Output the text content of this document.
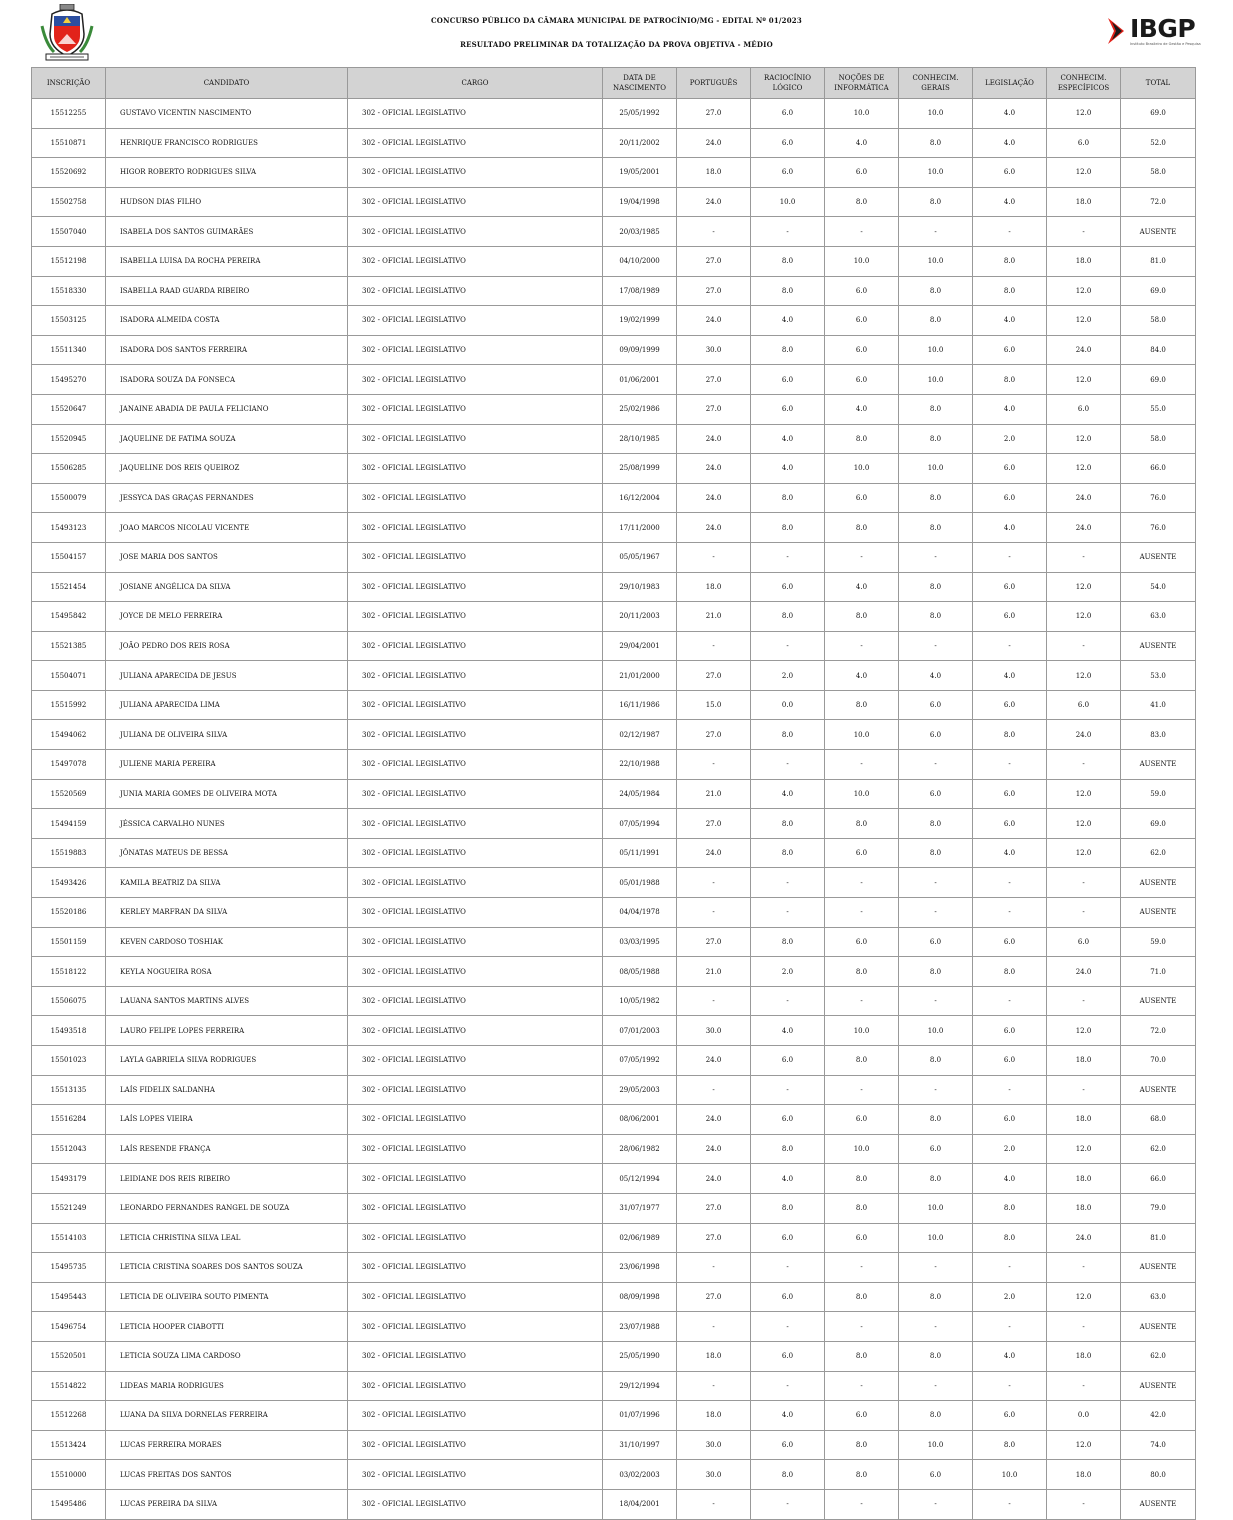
IBGP
Instituto Brasileiro de Gestão e Pesquisa
CONCURSO PÚBLICO DA CÂMARA MUNICIPAL DE PATROCÍNIO/MG - EDITAL Nº 01/2023
RESULTADO PRELIMINAR DA TOTALIZAÇÃO DA PROVA OBJETIVA - MÉDIO
INSCRIÇÃO	CANDIDATO	CARGO	DATA DE NASCIMENTO	PORTUGUÊS	RACIOCÍNIO LÓGICO	NOÇÕES DE INFORMÁTICA	CONHECIM. GERAIS	LEGISLAÇÃO	CONHECIM. ESPECÍFICOS	TOTAL
15512255	GUSTAVO VICENTIN NASCIMENTO	302 - OFICIAL LEGISLATIVO	25/05/1992	27.0	6.0	10.0	10.0	4.0	12.0	69.0
15510871	HENRIQUE FRANCISCO RODRIGUES	302 - OFICIAL LEGISLATIVO	20/11/2002	24.0	6.0	4.0	8.0	4.0	6.0	52.0
15520692	HIGOR ROBERTO RODRIGUES SILVA	302 - OFICIAL LEGISLATIVO	19/05/2001	18.0	6.0	6.0	10.0	6.0	12.0	58.0
15502758	HUDSON DIAS FILHO	302 - OFICIAL LEGISLATIVO	19/04/1998	24.0	10.0	8.0	8.0	4.0	18.0	72.0
15507040	ISABELA DOS SANTOS GUIMARÃES	302 - OFICIAL LEGISLATIVO	20/03/1985	-	-	-	-	-	-	AUSENTE
15512198	ISABELLA LUISA DA ROCHA PEREIRA	302 - OFICIAL LEGISLATIVO	04/10/2000	27.0	8.0	10.0	10.0	8.0	18.0	81.0
15518330	ISABELLA RAAD GUARDA RIBEIRO	302 - OFICIAL LEGISLATIVO	17/08/1989	27.0	8.0	6.0	8.0	8.0	12.0	69.0
15503125	ISADORA ALMEIDA COSTA	302 - OFICIAL LEGISLATIVO	19/02/1999	24.0	4.0	6.0	8.0	4.0	12.0	58.0
15511340	ISADORA DOS SANTOS FERREIRA	302 - OFICIAL LEGISLATIVO	09/09/1999	30.0	8.0	6.0	10.0	6.0	24.0	84.0
15495270	ISADORA SOUZA DA FONSECA	302 - OFICIAL LEGISLATIVO	01/06/2001	27.0	6.0	6.0	10.0	8.0	12.0	69.0
15520647	JANAINE ABADIA DE PAULA FELICIANO	302 - OFICIAL LEGISLATIVO	25/02/1986	27.0	6.0	4.0	8.0	4.0	6.0	55.0
15520945	JAQUELINE DE FATIMA SOUZA	302 - OFICIAL LEGISLATIVO	28/10/1985	24.0	4.0	8.0	8.0	2.0	12.0	58.0
15506285	JAQUELINE DOS REIS QUEIROZ	302 - OFICIAL LEGISLATIVO	25/08/1999	24.0	4.0	10.0	10.0	6.0	12.0	66.0
15500079	JESSYCA DAS GRAÇAS FERNANDES	302 - OFICIAL LEGISLATIVO	16/12/2004	24.0	8.0	6.0	8.0	6.0	24.0	76.0
15493123	JOAO MARCOS NICOLAU VICENTE	302 - OFICIAL LEGISLATIVO	17/11/2000	24.0	8.0	8.0	8.0	4.0	24.0	76.0
15504157	JOSE MARIA DOS SANTOS	302 - OFICIAL LEGISLATIVO	05/05/1967	-	-	-	-	-	-	AUSENTE
15521454	JOSIANE ANGÉLICA DA SILVA	302 - OFICIAL LEGISLATIVO	29/10/1983	18.0	6.0	4.0	8.0	6.0	12.0	54.0
15495842	JOYCE DE MELO FERREIRA	302 - OFICIAL LEGISLATIVO	20/11/2003	21.0	8.0	8.0	8.0	6.0	12.0	63.0
15521385	JOÃO PEDRO DOS REIS ROSA	302 - OFICIAL LEGISLATIVO	29/04/2001	-	-	-	-	-	-	AUSENTE
15504071	JULIANA APARECIDA DE JESUS	302 - OFICIAL LEGISLATIVO	21/01/2000	27.0	2.0	4.0	4.0	4.0	12.0	53.0
15515992	JULIANA APARECIDA LIMA	302 - OFICIAL LEGISLATIVO	16/11/1986	15.0	0.0	8.0	6.0	6.0	6.0	41.0
15494062	JULIANA DE OLIVEIRA SILVA	302 - OFICIAL LEGISLATIVO	02/12/1987	27.0	8.0	10.0	6.0	8.0	24.0	83.0
15497078	JULIENE MARIA PEREIRA	302 - OFICIAL LEGISLATIVO	22/10/1988	-	-	-	-	-	-	AUSENTE
15520569	JUNIA MARIA GOMES DE OLIVEIRA MOTA	302 - OFICIAL LEGISLATIVO	24/05/1984	21.0	4.0	10.0	6.0	6.0	12.0	59.0
15494159	JÉSSICA CARVALHO NUNES	302 - OFICIAL LEGISLATIVO	07/05/1994	27.0	8.0	8.0	8.0	6.0	12.0	69.0
15519883	JÔNATAS MATEUS DE BESSA	302 - OFICIAL LEGISLATIVO	05/11/1991	24.0	8.0	6.0	8.0	4.0	12.0	62.0
15493426	KAMILA BEATRIZ DA SILVA	302 - OFICIAL LEGISLATIVO	05/01/1988	-	-	-	-	-	-	AUSENTE
15520186	KERLEY MARFRAN DA SILVA	302 - OFICIAL LEGISLATIVO	04/04/1978	-	-	-	-	-	-	AUSENTE
15501159	KEVEN CARDOSO TOSHIAK	302 - OFICIAL LEGISLATIVO	03/03/1995	27.0	8.0	6.0	6.0	6.0	6.0	59.0
15518122	KEYLA NOGUEIRA ROSA	302 - OFICIAL LEGISLATIVO	08/05/1988	21.0	2.0	8.0	8.0	8.0	24.0	71.0
15506075	LAUANA SANTOS MARTINS ALVES	302 - OFICIAL LEGISLATIVO	10/05/1982	-	-	-	-	-	-	AUSENTE
15493518	LAURO FELIPE LOPES FERREIRA	302 - OFICIAL LEGISLATIVO	07/01/2003	30.0	4.0	10.0	10.0	6.0	12.0	72.0
15501023	LAYLA GABRIELA SILVA RODRIGUES	302 - OFICIAL LEGISLATIVO	07/05/1992	24.0	6.0	8.0	8.0	6.0	18.0	70.0
15513135	LAÍS FIDELIX SALDANHA	302 - OFICIAL LEGISLATIVO	29/05/2003	-	-	-	-	-	-	AUSENTE
15516284	LAÍS LOPES VIEIRA	302 - OFICIAL LEGISLATIVO	08/06/2001	24.0	6.0	6.0	8.0	6.0	18.0	68.0
15512043	LAÍS RESENDE FRANÇA	302 - OFICIAL LEGISLATIVO	28/06/1982	24.0	8.0	10.0	6.0	2.0	12.0	62.0
15493179	LEIDIANE DOS REIS RIBEIRO	302 - OFICIAL LEGISLATIVO	05/12/1994	24.0	4.0	8.0	8.0	4.0	18.0	66.0
15521249	LEONARDO FERNANDES RANGEL DE SOUZA	302 - OFICIAL LEGISLATIVO	31/07/1977	27.0	8.0	8.0	10.0	8.0	18.0	79.0
15514103	LETICIA CHRISTINA SILVA LEAL	302 - OFICIAL LEGISLATIVO	02/06/1989	27.0	6.0	6.0	10.0	8.0	24.0	81.0
15495735	LETICIA CRISTINA SOARES DOS SANTOS SOUZA	302 - OFICIAL LEGISLATIVO	23/06/1998	-	-	-	-	-	-	AUSENTE
15495443	LETICIA DE OLIVEIRA SOUTO PIMENTA	302 - OFICIAL LEGISLATIVO	08/09/1998	27.0	6.0	8.0	8.0	2.0	12.0	63.0
15496754	LETICIA HOOPER CIABOTTI	302 - OFICIAL LEGISLATIVO	23/07/1988	-	-	-	-	-	-	AUSENTE
15520501	LETICIA SOUZA LIMA CARDOSO	302 - OFICIAL LEGISLATIVO	25/05/1990	18.0	6.0	8.0	8.0	4.0	18.0	62.0
15514822	LIDEAS MARIA RODRIGUES	302 - OFICIAL LEGISLATIVO	29/12/1994	-	-	-	-	-	-	AUSENTE
15512268	LUANA DA SILVA DORNELAS FERREIRA	302 - OFICIAL LEGISLATIVO	01/07/1996	18.0	4.0	6.0	8.0	6.0	0.0	42.0
15513424	LUCAS FERREIRA MORAES	302 - OFICIAL LEGISLATIVO	31/10/1997	30.0	6.0	8.0	10.0	8.0	12.0	74.0
15510000	LUCAS FREITAS DOS SANTOS	302 - OFICIAL LEGISLATIVO	03/02/2003	30.0	8.0	8.0	6.0	10.0	18.0	80.0
15495486	LUCAS PEREIRA DA SILVA	302 - OFICIAL LEGISLATIVO	18/04/2001	-	-	-	-	-	-	AUSENTE
